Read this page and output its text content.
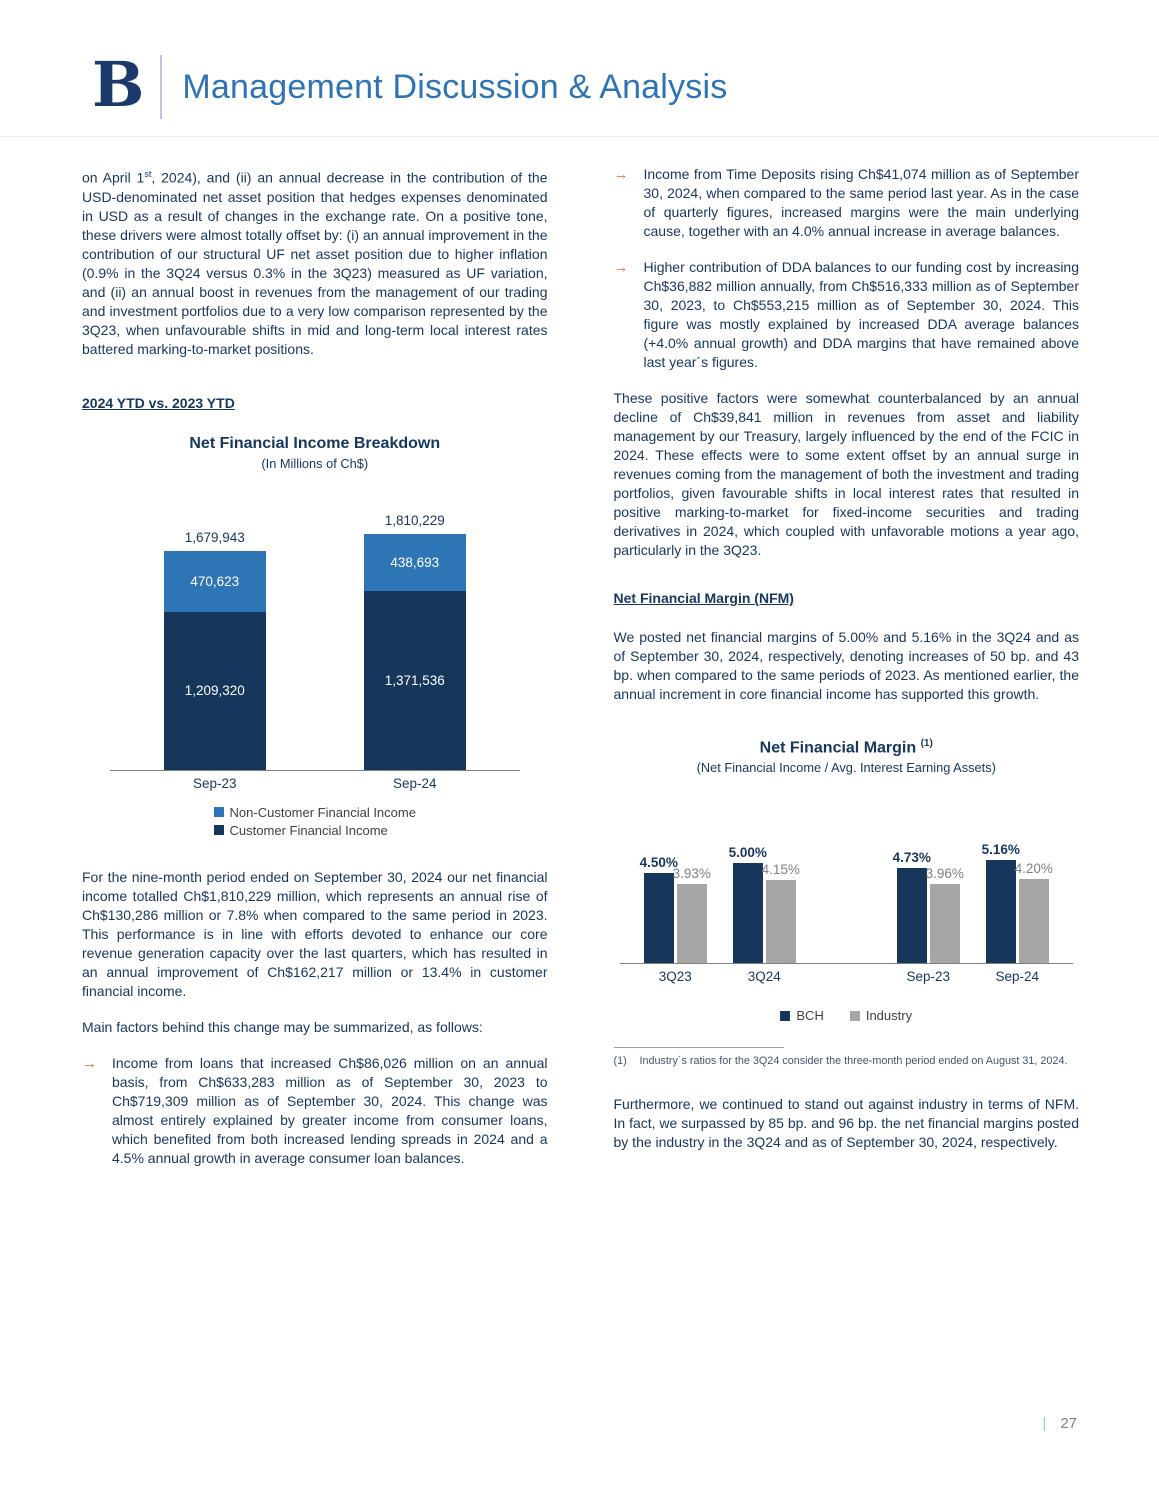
B Management Discussion & Analysis

on April 1st, 2024), and (ii) an annual decrease in the contribution of the USD-denominated net asset position that hedges expenses denominated in USD as a result of changes in the exchange rate. On a positive tone, these drivers were almost totally offset by: (i) an annual improvement in the contribution of our structural UF net asset position due to higher inflation (0.9% in the 3Q24 versus 0.3% in the 3Q23) measured as UF variation, and (ii) an annual boost in revenues from the management of our trading and investment portfolios due to a very low comparison represented by the 3Q23, when unfavourable shifts in mid and long-term local interest rates battered marking-to-market positions.

2024 YTD vs. 2023 YTD
Net Financial Income Breakdown
(In Millions of Ch$)
1,679,943
470,623
1,209,320
1,810,229
438,693
1,371,536
Sep-23	Sep-24
Non-Customer Financial Income
Customer Financial Income

For the nine-month period ended on September 30, 2024 our net financial income totalled Ch$1,810,229 million, which represents an annual rise of Ch$130,286 million or 7.8% when compared to the same period in 2023. This performance is in line with efforts devoted to enhance our core revenue generation capacity over the last quarters, which has resulted in an annual improvement of Ch$162,217 million or 13.4% in customer financial income.

Main factors behind this change may be summarized, as follows:

→	Income from loans that increased Ch$86,026 million on an annual basis, from Ch$633,283 million as of September 30, 2023 to Ch$719,309 million as of September 30, 2024. This change was almost entirely explained by greater income from consumer loans, which benefited from both increased lending spreads in 2024 and a 4.5% annual growth in average consumer loan balances.
→	Income from Time Deposits rising Ch$41,074 million as of September 30, 2024, when compared to the same period last year. As in the case of quarterly figures, increased margins were the main underlying cause, together with an 4.0% annual increase in average balances.
→	Higher contribution of DDA balances to our funding cost by increasing Ch$36,882 million annually, from Ch$516,333 million as of September 30, 2023, to Ch$553,215 million as of September 30, 2024. This figure was mostly explained by increased DDA average balances (+4.0% annual growth) and DDA margins that have remained above last year´s figures.

These positive factors were somewhat counterbalanced by an annual decline of Ch$39,841 million in revenues from asset and liability management by our Treasury, largely influenced by the end of the FCIC in 2024. These effects were to some extent offset by an annual surge in revenues coming from the management of both the investment and trading portfolios, given favourable shifts in local interest rates that resulted in positive marking-to-market for fixed-income securities and trading derivatives in 2024, which coupled with unfavorable motions a year ago, particularly in the 3Q23.

Net Financial Margin (NFM)

We posted net financial margins of 5.00% and 5.16% in the 3Q24 and as of September 30, 2024, respectively, denoting increases of 50 bp. and 43 bp. when compared to the same periods of 2023. As mentioned earlier, the annual increment in core financial income has supported this growth.

Net Financial Margin $^{(1)}$
(Net Financial Income / Avg. Interest Earning Assets)
4.50%
3.93%
5.00%
4.15%
4.73%
3.96%
5.16%
4.20%
3Q23	3Q24	Sep-23	Sep-24
BCH	Industry
(1) Industry´s ratios for the 3Q24 consider the three-month period ended on August 31, 2024.

Furthermore, we continued to stand out against industry in terms of NFM. In fact, we surpassed by 85 bp. and 96 bp. the net financial margins posted by the industry in the 3Q24 and as of September 30, 2024, respectively.

| 27
